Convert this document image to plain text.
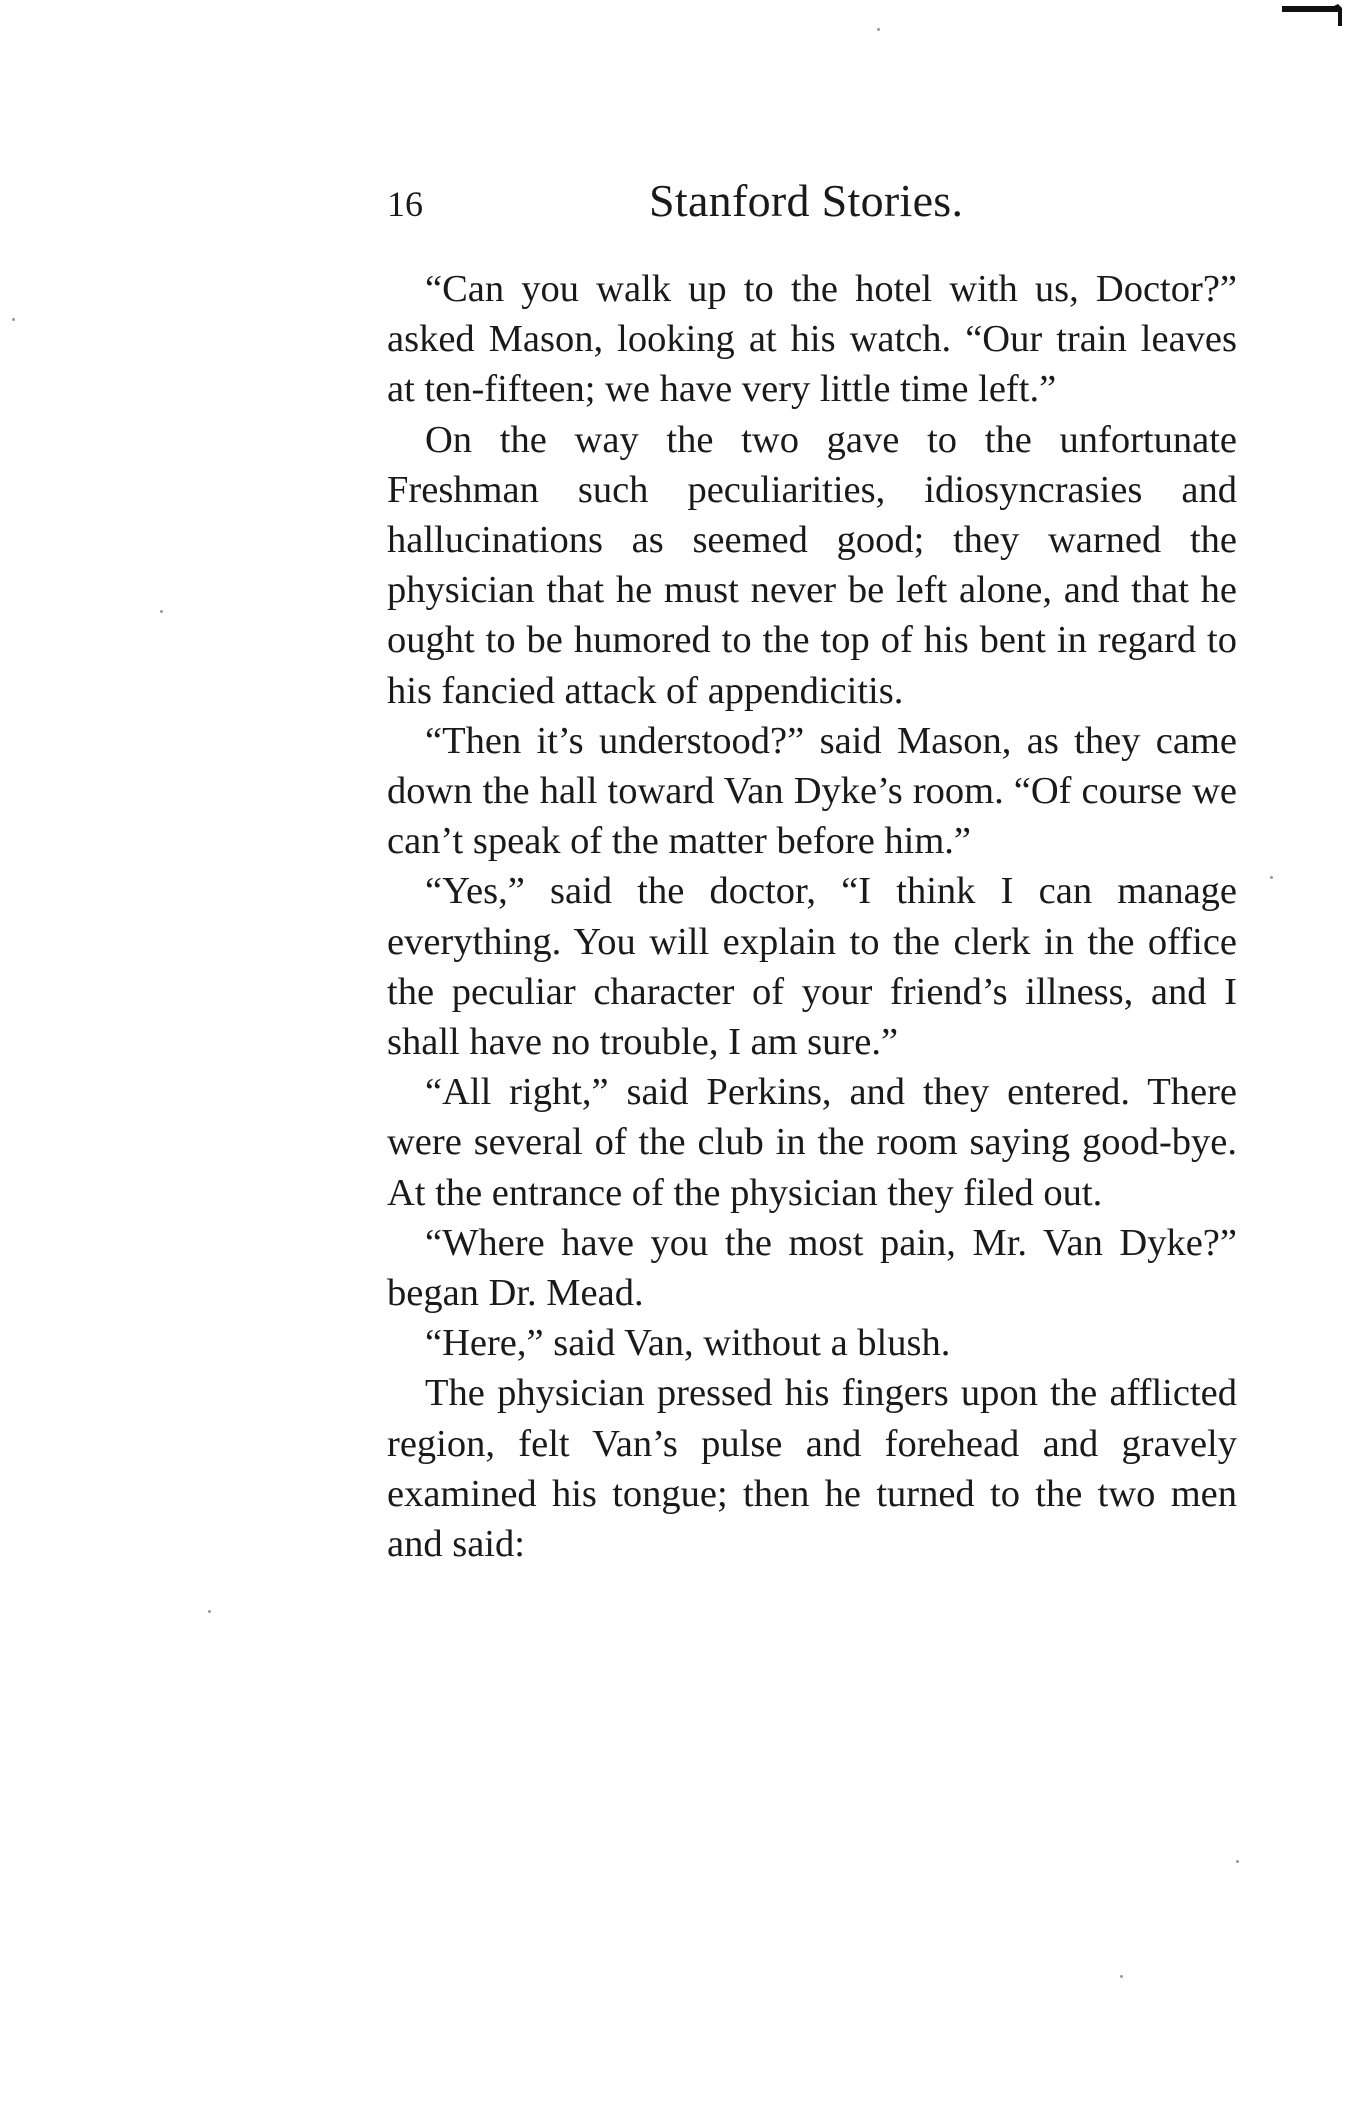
16	Stanford Stories.

“Can you walk up to the hotel with us, Doctor?” asked Mason, looking at his watch. “Our train leaves at ten-fifteen; we have very little time left.”

On the way the two gave to the unfortunate Freshman such peculiarities, idiosyncrasies and hallucinations as seemed good; they warned the physician that he must never be left alone, and that he ought to be humored to the top of his bent in regard to his fancied attack of appendicitis.

“Then it’s understood?” said Mason, as they came down the hall toward Van Dyke’s room. “Of course we can’t speak of the matter before him.”

“Yes,” said the doctor, “I think I can manage everything. You will explain to the clerk in the office the peculiar character of your friend’s illness, and I shall have no trouble, I am sure.”

“All right,” said Perkins, and they entered. There were several of the club in the room saying good-bye. At the entrance of the physician they filed out.

“Where have you the most pain, Mr. Van Dyke?” began Dr. Mead.

“Here,” said Van, without a blush.

The physician pressed his fingers upon the afflicted region, felt Van’s pulse and forehead and gravely examined his tongue; then he turned to the two men and said:
